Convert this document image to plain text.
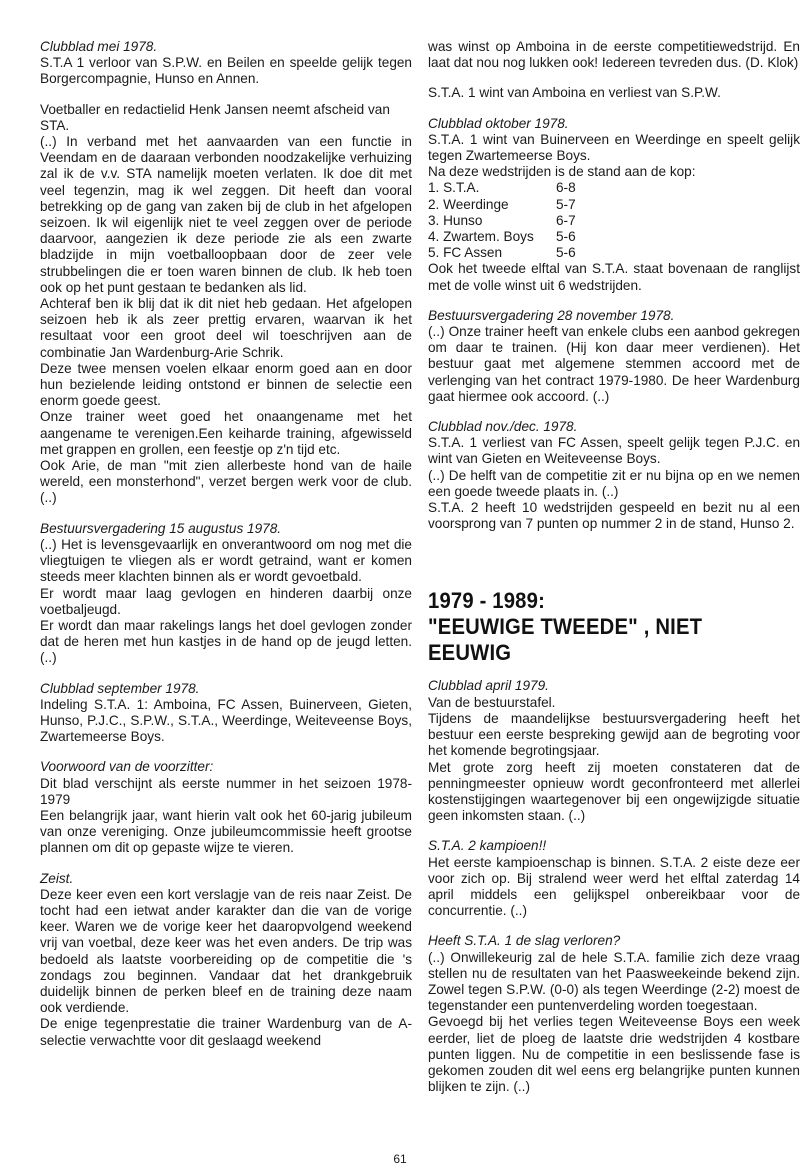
Clubblad mei 1978.
S.T.A 1 verloor van S.P.W. en Beilen en speelde gelijk tegen Borgercompagnie, Hunso en Annen.
Voetballer en redactielid Henk Jansen neemt afscheid van STA.
(..) In verband met het aanvaarden van een functie in Veendam en de daaraan verbonden noodzakelijke verhuizing zal ik de v.v. STA namelijk moeten verlaten. Ik doe dit met veel tegenzin, mag ik wel zeggen. Dit heeft dan vooral betrekking op de gang van zaken bij de club in het afgelopen seizoen. Ik wil eigenlijk niet te veel zeggen over de periode daarvoor, aangezien ik deze periode zie als een zwarte bladzijde in mijn voetballoopbaan door de zeer vele strubbelingen die er toen waren binnen de club. Ik heb toen ook op het punt gestaan te bedanken als lid.
Achteraf ben ik blij dat ik dit niet heb gedaan. Het afgelopen seizoen heb ik als zeer prettig ervaren, waarvan ik het resultaat voor een groot deel wil toeschrijven aan de combinatie Jan Wardenburg-Arie Schrik.
Deze twee mensen voelen elkaar enorm goed aan en door hun bezielende leiding ontstond er binnen de selectie een enorm goede geest.
Onze trainer weet goed het onaangename met het aangename te verenigen.Een keiharde training, afgewisseld met grappen en grollen, een feestje op z'n tijd etc.
Ook Arie, de man "mit zien allerbeste hond van de haile wereld, een monsterhond", verzet bergen werk voor de club. (..)
Bestuursvergadering 15 augustus 1978.
(..) Het is levensgevaarlijk en onverantwoord om nog met die vliegtuigen te vliegen als er wordt getraind, want er komen steeds meer klachten binnen als er wordt gevoetbald.
Er wordt maar laag gevlogen en hinderen daarbij onze voetbaljeugd.
Er wordt dan maar rakelings langs het doel gevlogen zonder dat de heren met hun kastjes in de hand op de jeugd letten. (..)
Clubblad september 1978.
Indeling S.T.A. 1: Amboina, FC Assen, Buinerveen, Gieten, Hunso, P.J.C., S.P.W., S.T.A., Weerdinge, Weiteveense Boys, Zwartemeerse Boys.
Voorwoord van de voorzitter:
Dit blad verschijnt als eerste nummer in het seizoen 1978-1979
Een belangrijk jaar, want hierin valt ook het 60-jarig jubileum van onze vereniging. Onze jubileumcommissie heeft grootse plannen om dit op gepaste wijze te vieren.
Zeist.
Deze keer even een kort verslagje van de reis naar Zeist. De tocht had een ietwat ander karakter dan die van de vorige keer. Waren we de vorige keer het daaropvolgend weekend vrij van voetbal, deze keer was het even anders. De trip was bedoeld als laatste voorbereiding op de competitie die 's zondags zou beginnen. Vandaar dat het drankgebruik duidelijk binnen de perken bleef en de training deze naam ook verdiende.
De enige tegenprestatie die trainer Wardenburg van de A-selectie verwachtte voor dit geslaagd weekend
was winst op Amboina in de eerste competitiewedstrijd. En laat dat nou nog lukken ook! Iedereen tevreden dus. (D. Klok)
S.T.A. 1 wint van Amboina en verliest van S.P.W.
Clubblad oktober 1978.
S.T.A. 1 wint van Buinerveen en Weerdinge en speelt gelijk tegen Zwartemeerse Boys.
Na deze wedstrijden is de stand aan de kop:
1. S.T.A.	6-8
2. Weerdinge	5-7
3. Hunso	6-7
4. Zwartem. Boys	5-6
5. FC Assen	5-6
Ook het tweede elftal van S.T.A. staat bovenaan de ranglijst met de volle winst uit 6 wedstrijden.
Bestuursvergadering 28 november 1978.
(..) Onze trainer heeft van enkele clubs een aanbod gekregen om daar te trainen. (Hij kon daar meer verdienen). Het bestuur gaat met algemene stemmen accoord met de verlenging van het contract 1979-1980. De heer Wardenburg gaat hiermee ook accoord. (..)
Clubblad nov./dec. 1978.
S.T.A. 1 verliest van FC Assen, speelt gelijk tegen P.J.C. en wint van Gieten en Weiteveense Boys.
(..) De helft van de competitie zit er nu bijna op en we nemen een goede tweede plaats in. (..)
S.T.A. 2 heeft 10 wedstrijden gespeeld en bezit nu al een voorsprong van 7 punten op nummer 2 in de stand, Hunso 2.
1979 - 1989:
"EEUWIGE TWEEDE" , NIET EEUWIG
Clubblad april 1979.
Van de bestuurstafel.
Tijdens de maandelijkse bestuursvergadering heeft het bestuur een eerste bespreking gewijd aan de begroting voor het komende begrotingsjaar.
Met grote zorg heeft zij moeten constateren dat de penningmeester opnieuw wordt geconfronteerd met allerlei kostenstijgingen waartegenover bij een ongewijzigde situatie geen inkomsten staan. (..)
S.T.A. 2 kampioen!!
Het eerste kampioenschap is binnen. S.T.A. 2 eiste deze eer voor zich op. Bij stralend weer werd het elftal zaterdag 14 april middels een gelijkspel onbereikbaar voor de concurrentie. (..)
Heeft S.T.A. 1 de slag verloren?
(..) Onwillekeurig zal de hele S.T.A. familie zich deze vraag stellen nu de resultaten van het Paasweekeinde bekend zijn. Zowel tegen S.P.W. (0-0) als tegen Weerdinge (2-2) moest de tegenstander een puntenverdeling worden toegestaan.
Gevoegd bij het verlies tegen Weiteveense Boys een week eerder, liet de ploeg de laatste drie wedstrijden 4 kostbare punten liggen. Nu de competitie in een beslissende fase is gekomen zouden dit wel eens erg belangrijke punten kunnen blijken te zijn. (..)
61
